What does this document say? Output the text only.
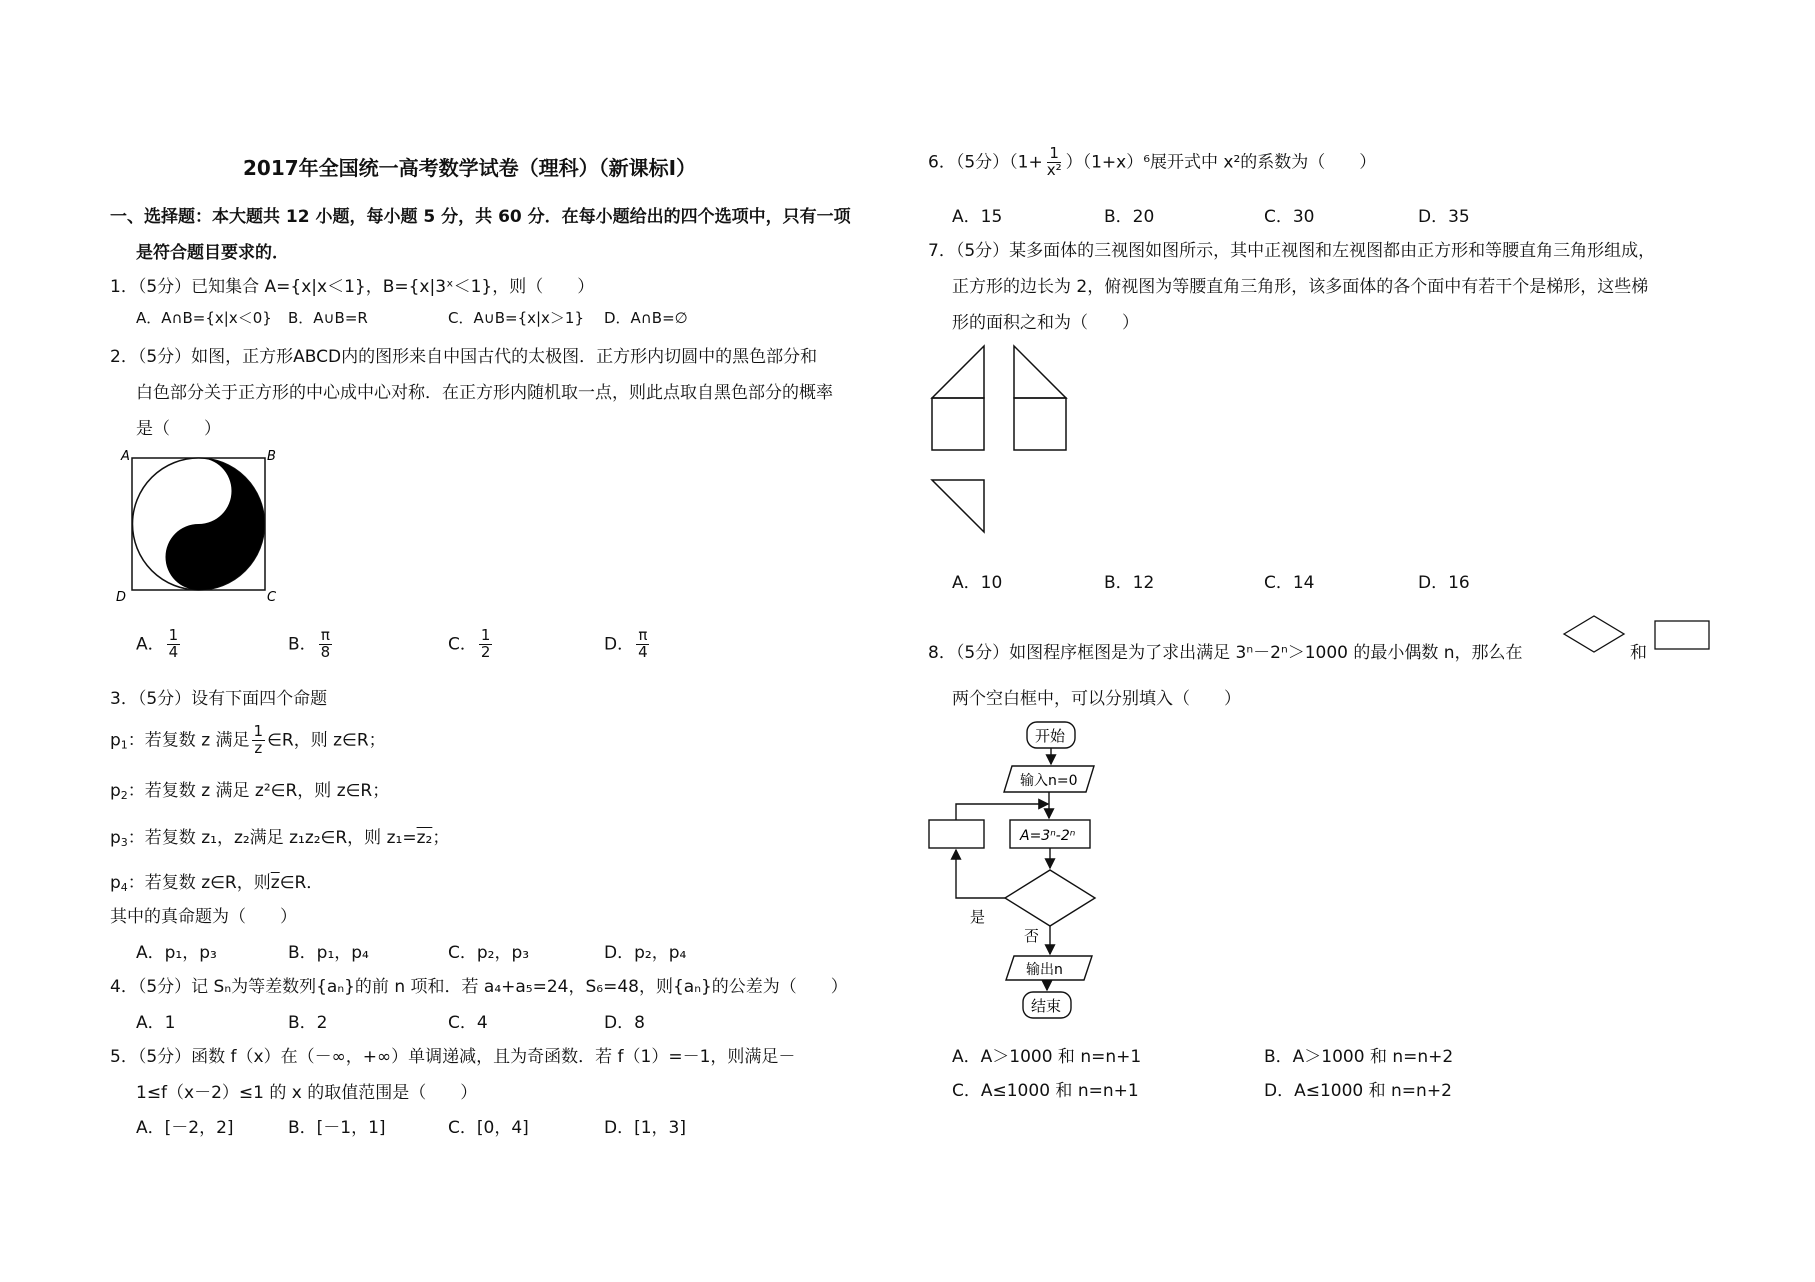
2017年全国统一高考数学试卷（理科）（新课标I）
一、选择题：本大题共 12 小题，每小题 5 分，共 60 分．在每小题给出的四个选项中，只有一项
是符合题目要求的．
1．（5分）已知集合 A={x|x＜1}，B={x|3ˣ＜1}，则（　　）
A．A∩B={x|x＜0} B．A∪B=R	C．A∪B={x|x＞1} D．A∩B=∅
2．（5分）如图，正方形ABCD内的图形来自中国古代的太极图．正方形内切圆中的黑色部分和
白色部分关于正方形的中心成中心对称．在正方形内随机取一点，则此点取自黑色部分的概率
是（　　）
A	B
D	C
A． $\frac{1}{4}$	B． $\frac{\pi}{8}$	C． $\frac{1}{2}$	D． $\frac{\pi}{4}$
3．（5分）设有下面四个命题
$p_1$：若复数 z 满足 $\frac{1}{z}$ ∈R，则 z∈R；
$p_2$：若复数 z 满足 z²∈R，则 z∈R；
$p_3$：若复数 z₁，z₂满足 z₁z₂∈R，则 z₁=z₂；
$p_4$：若复数 z∈R，则$\overline{z}\in R$．
其中的真命题为（　　）
A．p₁，p₃	B．p₁，p₄	C．p₂，p₃	D．p₂，p₄
4．（5分）记 Sₙ为等差数列{aₙ}的前 n 项和．若 a₄+a₅=24，S₆=48，则{aₙ}的公差为（　　）
A．1	B．2	C．4	D．8
5．（5分）函数 f（x）在（－∞，+∞）单调递减，且为奇函数．若 f（1）=－1，则满足－
1≤f（x－2）≤1 的 x 的取值范围是（　　）
A．[－2，2]	B．[－1，1]	C．[0，4]	D．[1，3]
6．（5分）$(1+ \frac{1}{\text{x²}} )(1+x)^6$展开式中 x²的系数为（　　）
A．15	B．20	C．30	D．35
7．（5分）某多面体的三视图如图所示，其中正视图和左视图都由正方形和等腰直角三角形组成，
正方形的边长为 2，俯视图为等腰直角三角形，该多面体的各个面中有若干个是梯形，这些梯
形的面积之和为（　　）
A．10	B．12	C．14	D．16
8．（5分）如图程序框图是为了求出满足 3ⁿ－2ⁿ＞1000 的最小偶数 n，那么在	和
两个空白框中，可以分别填入（　　）
开始
输入n=0
A=3ⁿ-2ⁿ
是
否
输出n
结束
A．A＞1000 和 n=n+1	B．A＞1000 和 n=n+2
C．A≤1000 和 n=n+1	D．A≤1000 和 n=n+2
